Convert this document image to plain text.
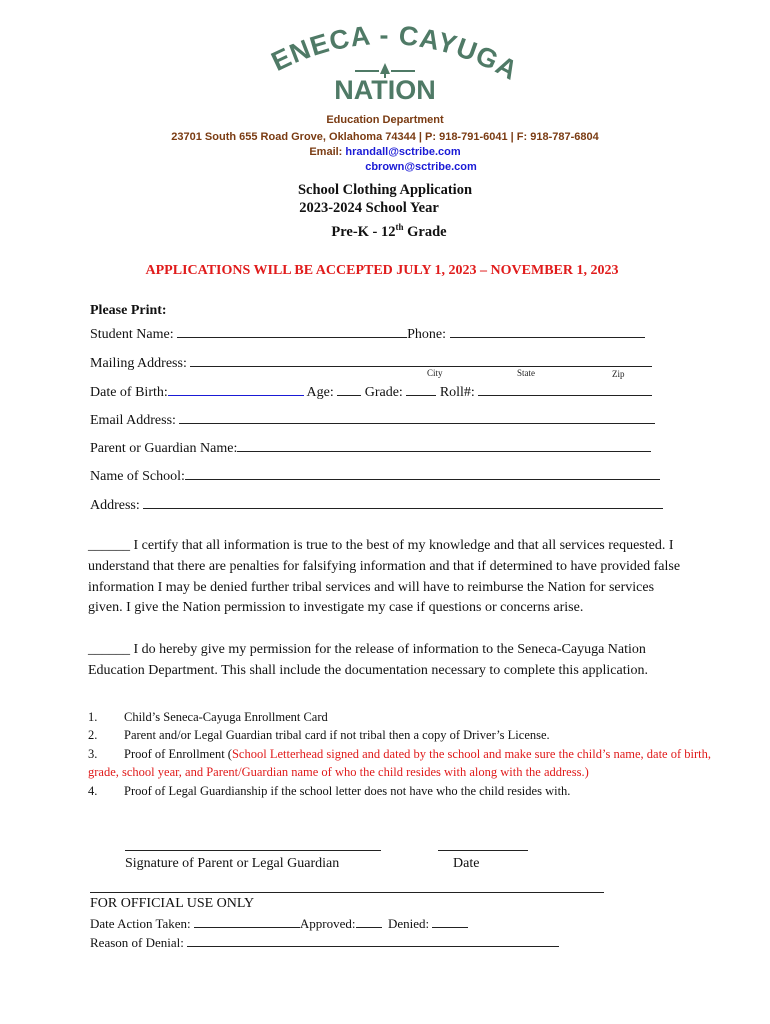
ENECA - CAYUG
NATION
Education Department
23701 South 655 Road Grove, Oklahoma 74344 | P: 918-791-6041 | F: 918-787-6804
Email: hrandall@sctribe.com
cbrown@sctribe.com
School Clothing Application
2023-2024 School Year
Pre-K - 12th Grade
APPLICATIONS WILL BE ACCEPTED JULY 1, 2023 – NOVEMBER 1, 2023
Please Print:
Student Name:	Phone:
Mailing Address:
City	State	Zip
Date of Birth:	Age:  Grade:  Roll#:
Email Address:
Parent or Guardian Name:
Name of School:
Address:
______ I certify that all information is true to the best of my knowledge and that all services requested. I understand that there are penalties for falsifying information and that if determined to have provided false information I may be denied further tribal services and will have to reimburse the Nation for services given. I give the Nation permission to investigate my case if questions or concerns arise.
______ I do hereby give my permission for the release of information to the Seneca-Cayuga Nation Education Department. This shall include the documentation necessary to complete this application.
1. Child’s Seneca-Cayuga Enrollment Card
2. Parent and/or Legal Guardian tribal card if not tribal then a copy of Driver’s License.
3. Proof of Enrollment (School Letterhead signed and dated by the school and make sure the child’s name, date of birth, grade, school year, and Parent/Guardian name of who the child resides with along with the address.)
4. Proof of Legal Guardianship if the school letter does not have who the child resides with.
Signature of Parent or Legal Guardian	Date
FOR OFFICIAL USE ONLY
Date Action Taken:	Approved:  Denied:
Reason of Denial:
